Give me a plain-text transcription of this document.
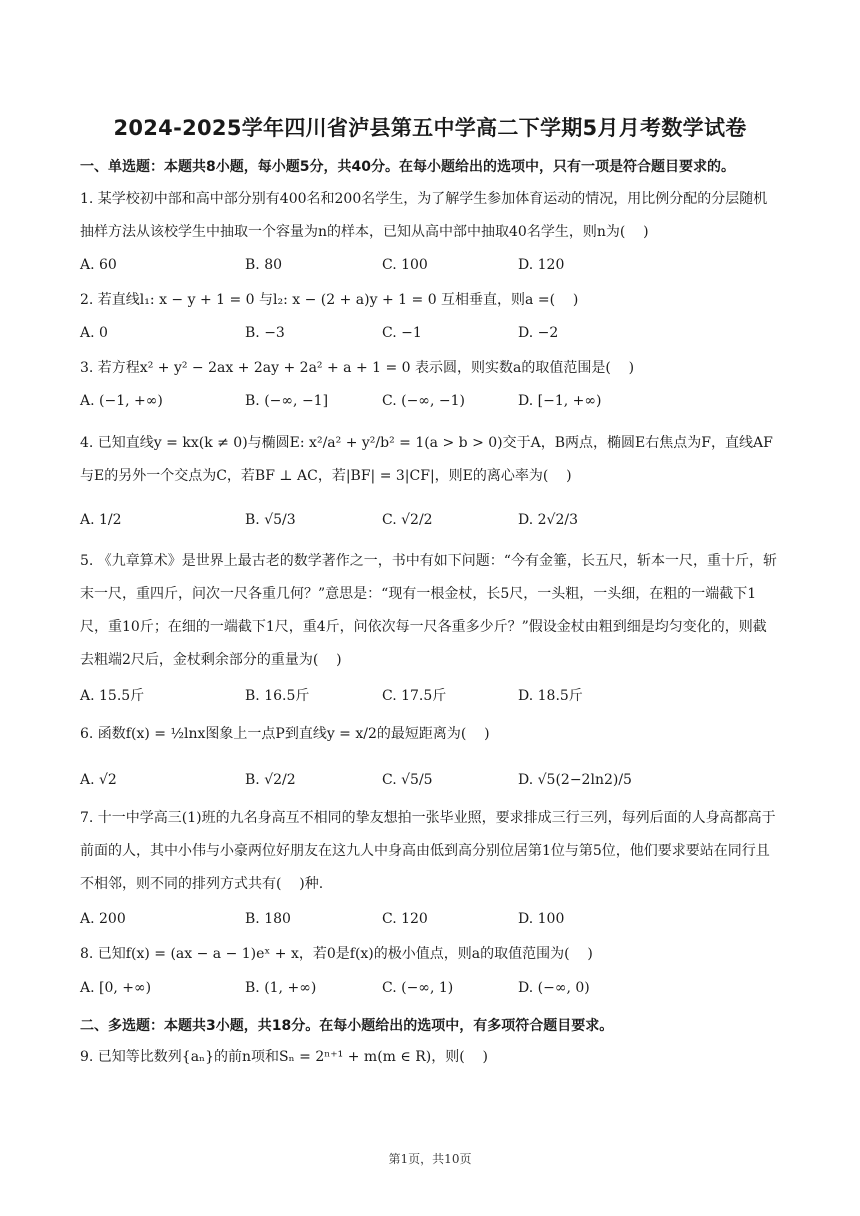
2024-2025学年四川省泸县第五中学高二下学期5月月考数学试卷
一、单选题：本题共8小题，每小题5分，共40分。在每小题给出的选项中，只有一项是符合题目要求的。
1. 某学校初中部和高中部分别有400名和200名学生，为了解学生参加体育运动的情况，用比例分配的分层随机抽样方法从该校学生中抽取一个容量为n的样本，已知从高中部中抽取40名学生，则n为(    )
A. 60	B. 80	C. 100	D. 120
2. 若直线l₁: x − y + 1 = 0 与l₂: x − (2 + a)y + 1 = 0 互相垂直，则a =(    )
A. 0	B. −3	C. −1	D. −2
3. 若方程x² + y² − 2ax + 2ay + 2a² + a + 1 = 0 表示圆，则实数a的取值范围是(    )
A. (−1, +∞)	B. (−∞, −1]	C. (−∞, −1)	D. [−1, +∞)
4. 已知直线y = kx(k ≠ 0)与椭圆E: x²/a² + y²/b² = 1(a > b > 0)交于A，B两点，椭圆E右焦点为F，直线AF与E的另外一个交点为C，若BF ⊥ AC，若|BF| = 3|CF|，则E的离心率为(    )
A. 1/2	B. √5/3	C. √2/2	D. 2√2/3
5. 《九章算术》是世界上最古老的数学著作之一，书中有如下问题：“今有金箠，长五尺，斩本一尺，重十斤，斩末一尺，重四斤，问次一尺各重几何？”意思是：“现有一根金杖，长5尺，一头粗，一头细，在粗的一端截下1尺，重10斤；在细的一端截下1尺，重4斤，问依次每一尺各重多少斤？”假设金杖由粗到细是均匀变化的，则截去粗端2尺后，金杖剩余部分的重量为(    )
A. 15.5斤	B. 16.5斤	C. 17.5斤	D. 18.5斤
6. 函数f(x) = ½lnx图象上一点P到直线y = x/2的最短距离为(    )
A. √2	B. √2/2	C. √5/5	D. √5(2−2ln2)/5
7. 十一中学高三(1)班的九名身高互不相同的挚友想拍一张毕业照，要求排成三行三列，每列后面的人身高都高于前面的人，其中小伟与小豪两位好朋友在这九人中身高由低到高分别位居第1位与第5位，他们要求要站在同行且不相邻，则不同的排列方式共有(    )种.
A. 200	B. 180	C. 120	D. 100
8. 已知f(x) = (ax − a − 1)eˣ + x，若0是f(x)的极小值点，则a的取值范围为(    )
A. [0, +∞)	B. (1, +∞)	C. (−∞, 1)	D. (−∞, 0)
二、多选题：本题共3小题，共18分。在每小题给出的选项中，有多项符合题目要求。
9. 已知等比数列{aₙ}的前n项和Sₙ = 2ⁿ⁺¹ + m(m ∈ R)，则(    )
第1页，共10页
